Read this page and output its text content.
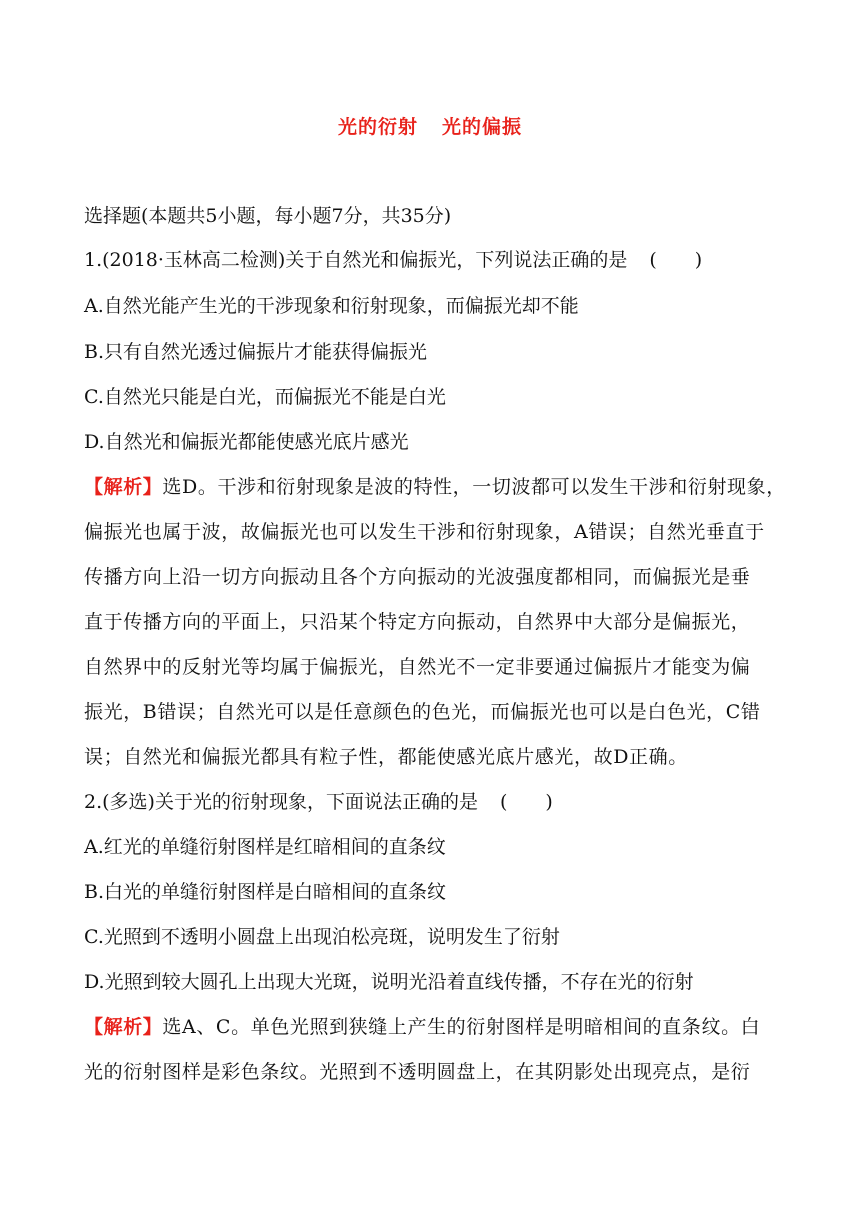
光的衍射 光的偏振
选择题(本题共5小题，每小题7分，共35分)
1.(2018·玉林高二检测)关于自然光和偏振光，下列说法正确的是 (　　)
A.自然光能产生光的干涉现象和衍射现象，而偏振光却不能
B.只有自然光透过偏振片才能获得偏振光
C.自然光只能是白光，而偏振光不能是白光
D.自然光和偏振光都能使感光底片感光
【解析】选D。干涉和衍射现象是波的特性，一切波都可以发生干涉和衍射现象，
偏振光也属于波，故偏振光也可以发生干涉和衍射现象，A错误；自然光垂直于
传播方向上沿一切方向振动且各个方向振动的光波强度都相同，而偏振光是垂
直于传播方向的平面上，只沿某个特定方向振动，自然界中大部分是偏振光，
自然界中的反射光等均属于偏振光，自然光不一定非要通过偏振片才能变为偏
振光，B错误；自然光可以是任意颜色的色光，而偏振光也可以是白色光，C错
误；自然光和偏振光都具有粒子性，都能使感光底片感光，故D正确。
2.(多选)关于光的衍射现象，下面说法正确的是 (　　)
A.红光的单缝衍射图样是红暗相间的直条纹
B.白光的单缝衍射图样是白暗相间的直条纹
C.光照到不透明小圆盘上出现泊松亮斑，说明发生了衍射
D.光照到较大圆孔上出现大光斑，说明光沿着直线传播，不存在光的衍射
【解析】选A、C。单色光照到狭缝上产生的衍射图样是明暗相间的直条纹。白
光的衍射图样是彩色条纹。光照到不透明圆盘上，在其阴影处出现亮点，是衍
